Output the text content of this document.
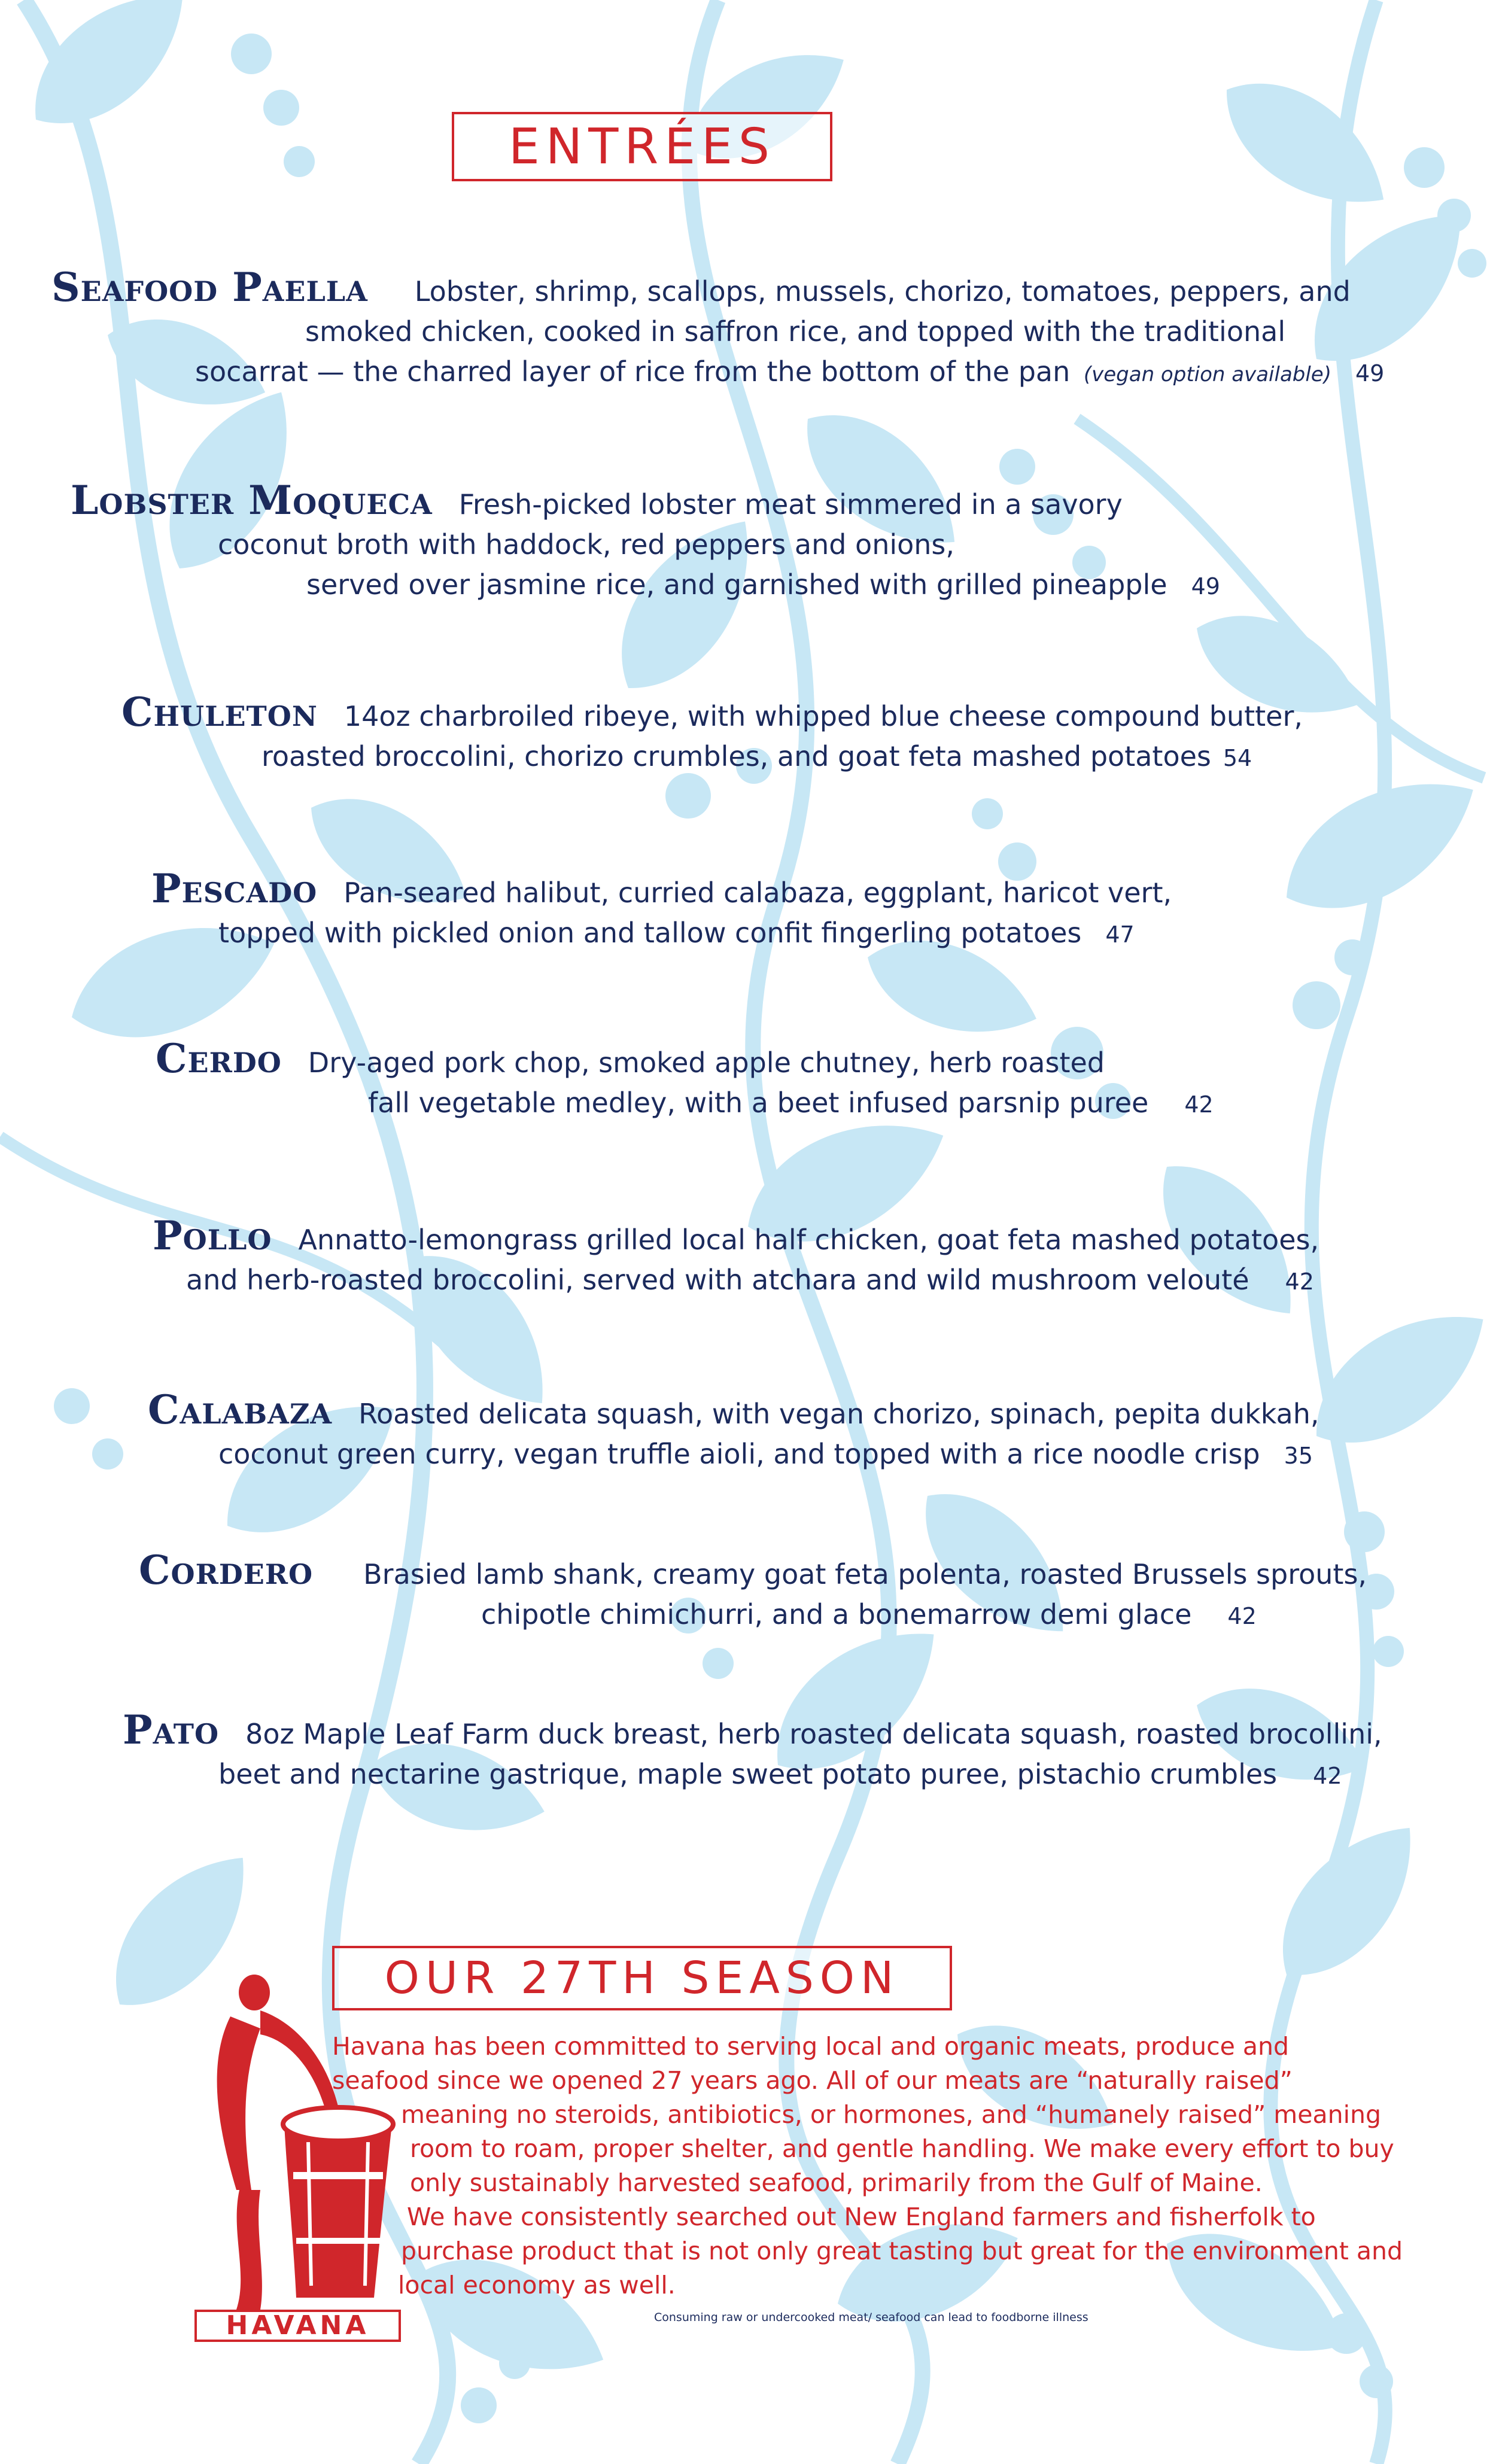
ENTRÉES
Seafood Paella Lobster, shrimp, scallops, mussels, chorizo, tomatoes, peppers, and
smoked chicken, cooked in saffron rice, and topped with the traditional
socarrat — the charred layer of rice from the bottom of the pan (vegan option available) 49
Lobster Moqueca Fresh-picked lobster meat simmered in a savory
coconut broth with haddock, red peppers and onions,
served over jasmine rice, and garnished with grilled pineapple 49
Chuleton 14oz charbroiled ribeye, with whipped blue cheese compound butter,
roasted broccolini, chorizo crumbles, and goat feta mashed potatoes 54
Pescado Pan-seared halibut, curried calabaza, eggplant, haricot vert,
topped with pickled onion and tallow confit fingerling potatoes 47
Cerdo Dry-aged pork chop, smoked apple chutney, herb roasted
fall vegetable medley, with a beet infused parsnip puree 42
Pollo Annatto-lemongrass grilled local half chicken, goat feta mashed potatoes,
and herb-roasted broccolini, served with atchara and wild mushroom velouté 42
Calabaza Roasted delicata squash, with vegan chorizo, spinach, pepita dukkah,
coconut green curry, vegan truffle aioli, and topped with a rice noodle crisp 35
Cordero Brasied lamb shank, creamy goat feta polenta, roasted Brussels sprouts,
chipotle chimichurri, and a bonemarrow demi glace 42
Pato 8oz Maple Leaf Farm duck breast, herb roasted delicata squash, roasted brocollini,
beet and nectarine gastrique, maple sweet potato puree, pistachio crumbles 42
OUR 27TH SEASON
HAVANA
Havana has been committed to serving local and organic meats, produce and
seafood since we opened 27 years ago. All of our meats are “naturally raised”
meaning no steroids, antibiotics, or hormones, and “humanely raised” meaning
room to roam, proper shelter, and gentle handling. We make every effort to buy
only sustainably harvested seafood, primarily from the Gulf of Maine.
We have consistently searched out New England farmers and fisherfolk to
purchase product that is not only great tasting but great for the environment and
local economy as well.
Consuming raw or undercooked meat/ seafood can lead to foodborne illness
